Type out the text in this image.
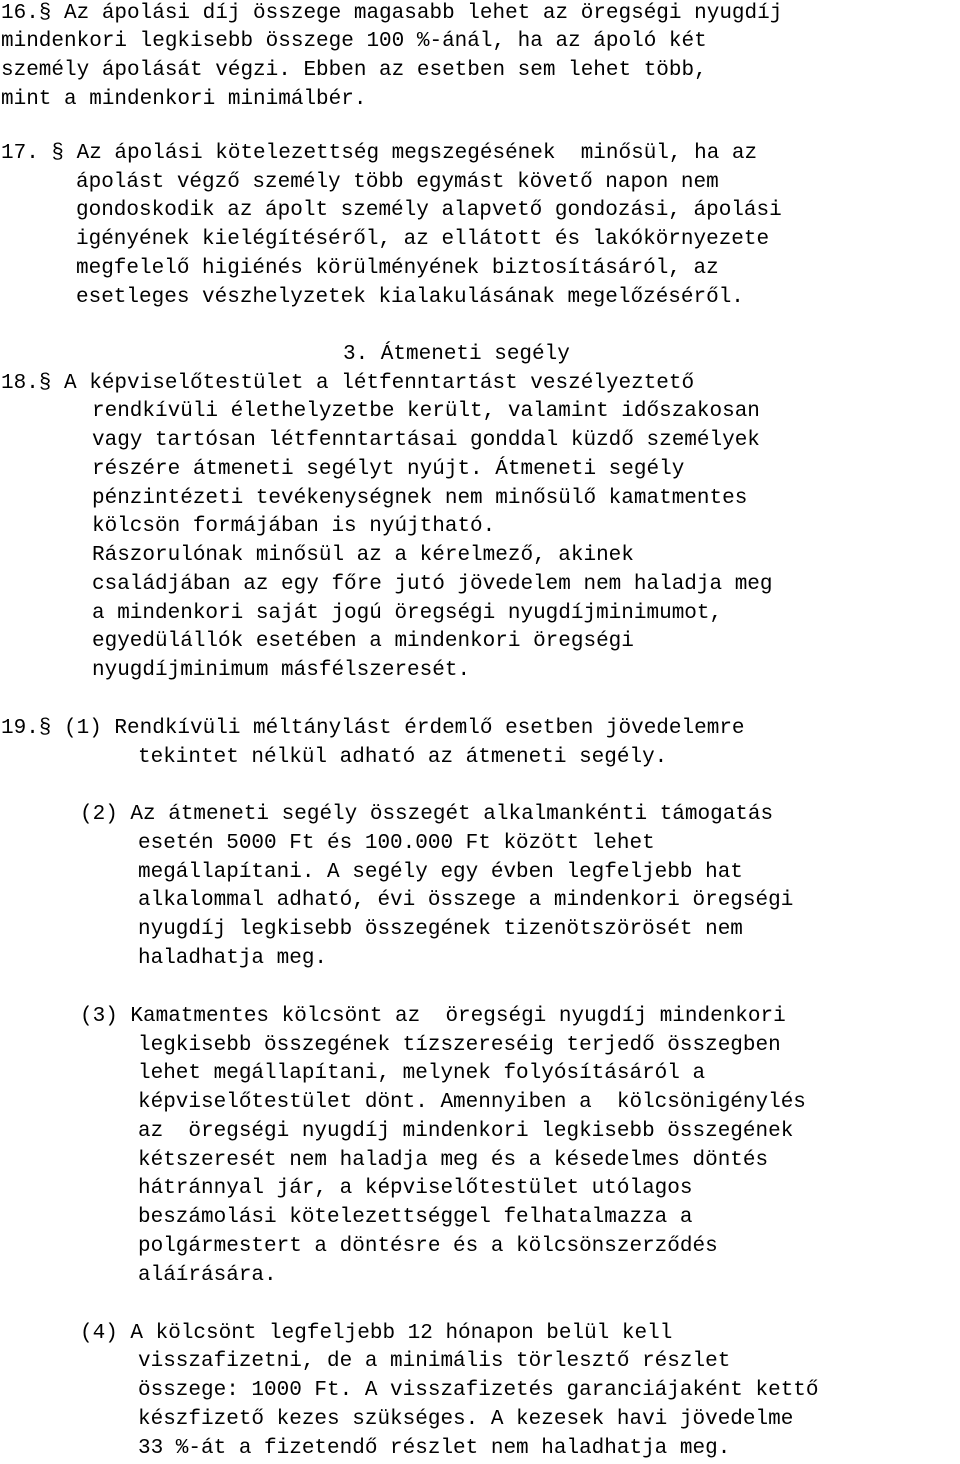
16.§ Az ápolási díj összege magasabb lehet az öregségi nyugdíj
mindenkori legkisebb összege 100 %-ánál, ha az ápoló két
személy ápolását végzi. Ebben az esetben sem lehet több,
mint a mindenkori minimálbér.
17. § Az ápolási kötelezettség megszegésének  minősül, ha az
ápolást végző személy több egymást követő napon nem
gondoskodik az ápolt személy alapvető gondozási, ápolási
igényének kielégítéséről, az ellátott és lakókörnyezete
megfelelő higiénés körülményének biztosításáról, az
esetleges vészhelyzetek kialakulásának megelőzéséről.
3. Átmeneti segély
18.§ A képviselőtestület a létfenntartást veszélyeztető
rendkívüli élethelyzetbe került, valamint időszakosan
vagy tartósan létfenntartásai gonddal küzdő személyek
részére átmeneti segélyt nyújt. Átmeneti segély
pénzintézeti tevékenységnek nem minősülő kamatmentes
kölcsön formájában is nyújtható.
Rászorulónak minősül az a kérelmező, akinek
családjában az egy főre jutó jövedelem nem haladja meg
a mindenkori saját jogú öregségi nyugdíjminimumot,
egyedülállók esetében a mindenkori öregségi
nyugdíjminimum másfélszeresét.
19.§ (1) Rendkívüli méltánylást érdemlő esetben jövedelemre
tekintet nélkül adható az átmeneti segély.
(2) Az átmeneti segély összegét alkalmankénti támogatás
esetén 5000 Ft és 100.000 Ft között lehet
megállapítani. A segély egy évben legfeljebb hat
alkalommal adható, évi összege a mindenkori öregségi
nyugdíj legkisebb összegének tizenötszörösét nem
haladhatja meg.
(3) Kamatmentes kölcsönt az  öregségi nyugdíj mindenkori
legkisebb összegének tízszereséig terjedő összegben
lehet megállapítani, melynek folyósításáról a
képviselőtestület dönt. Amennyiben a  kölcsönigénylés
az  öregségi nyugdíj mindenkori legkisebb összegének
kétszeresét nem haladja meg és a késedelmes döntés
hátránnyal jár, a képviselőtestület utólagos
beszámolási kötelezettséggel felhatalmazza a
polgármestert a döntésre és a kölcsönszerződés
aláírására.
(4) A kölcsönt legfeljebb 12 hónapon belül kell
visszafizetni, de a minimális törlesztő részlet
összege: 1000 Ft. A visszafizetés garanciájaként kettő
készfizető kezes szükséges. A kezesek havi jövedelme
33 %-át a fizetendő részlet nem haladhatja meg.
